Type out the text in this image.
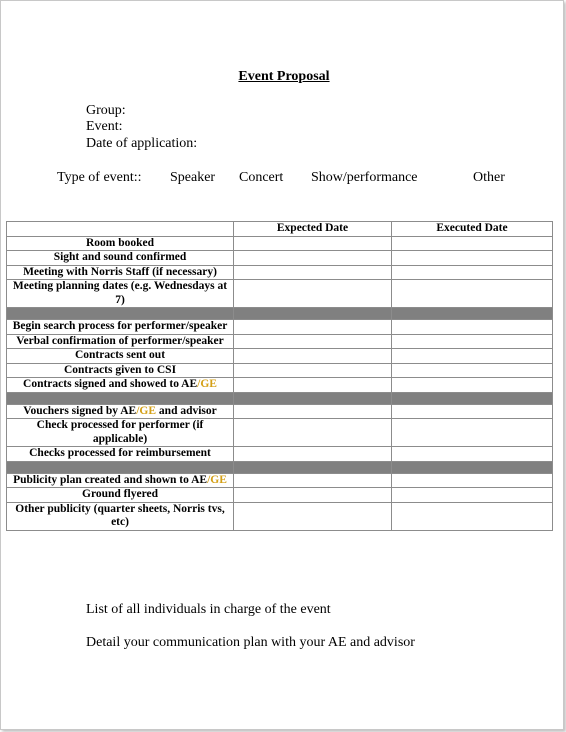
Event Proposal
Group:
Event:
Date of application:
Type of event:: Speaker Concert Show/performance	Other
	Expected Date	Executed Date
Room booked		
Sight and sound confirmed		
Meeting with Norris Staff (if necessary)		
Meeting planning dates (e.g. Wednesdays at 7)		

Begin search process for performer/speaker		
Verbal confirmation of performer/speaker		
Contracts sent out		
Contracts given to CSI		
Contracts signed and showed to AE/GE		

Vouchers signed by AE/GE and advisor		
Check processed for performer (if applicable)		
Checks processed for reimbursement		

Publicity plan created and shown to AE/GE		
Ground flyered		
Other publicity (quarter sheets, Norris tvs, etc)		
List of all individuals in charge of the event
Detail your communication plan with your AE and advisor
